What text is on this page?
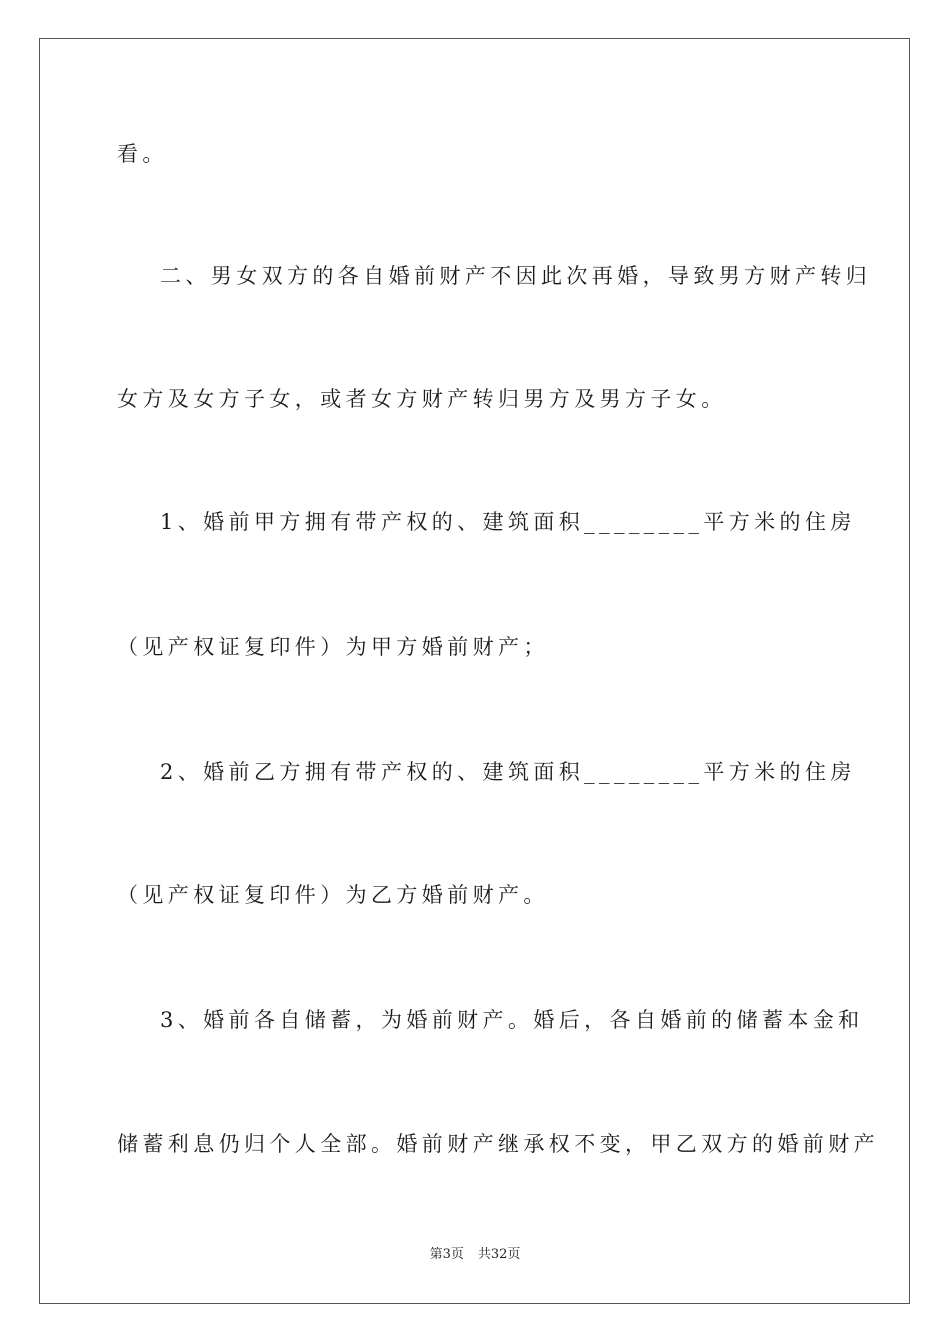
看。
二、男女双方的各自婚前财产不因此次再婚，导致男方财产转归
女方及女方子女，或者女方财产转归男方及男方子女。
1、婚前甲方拥有带产权的、建筑面积________平方米的住房
（见产权证复印件）为甲方婚前财产；
2、婚前乙方拥有带产权的、建筑面积________平方米的住房
（见产权证复印件）为乙方婚前财产。
3、婚前各自储蓄，为婚前财产。婚后，各自婚前的储蓄本金和
储蓄利息仍归个人全部。婚前财产继承权不变，甲乙双方的婚前财产
第3页 共32页
